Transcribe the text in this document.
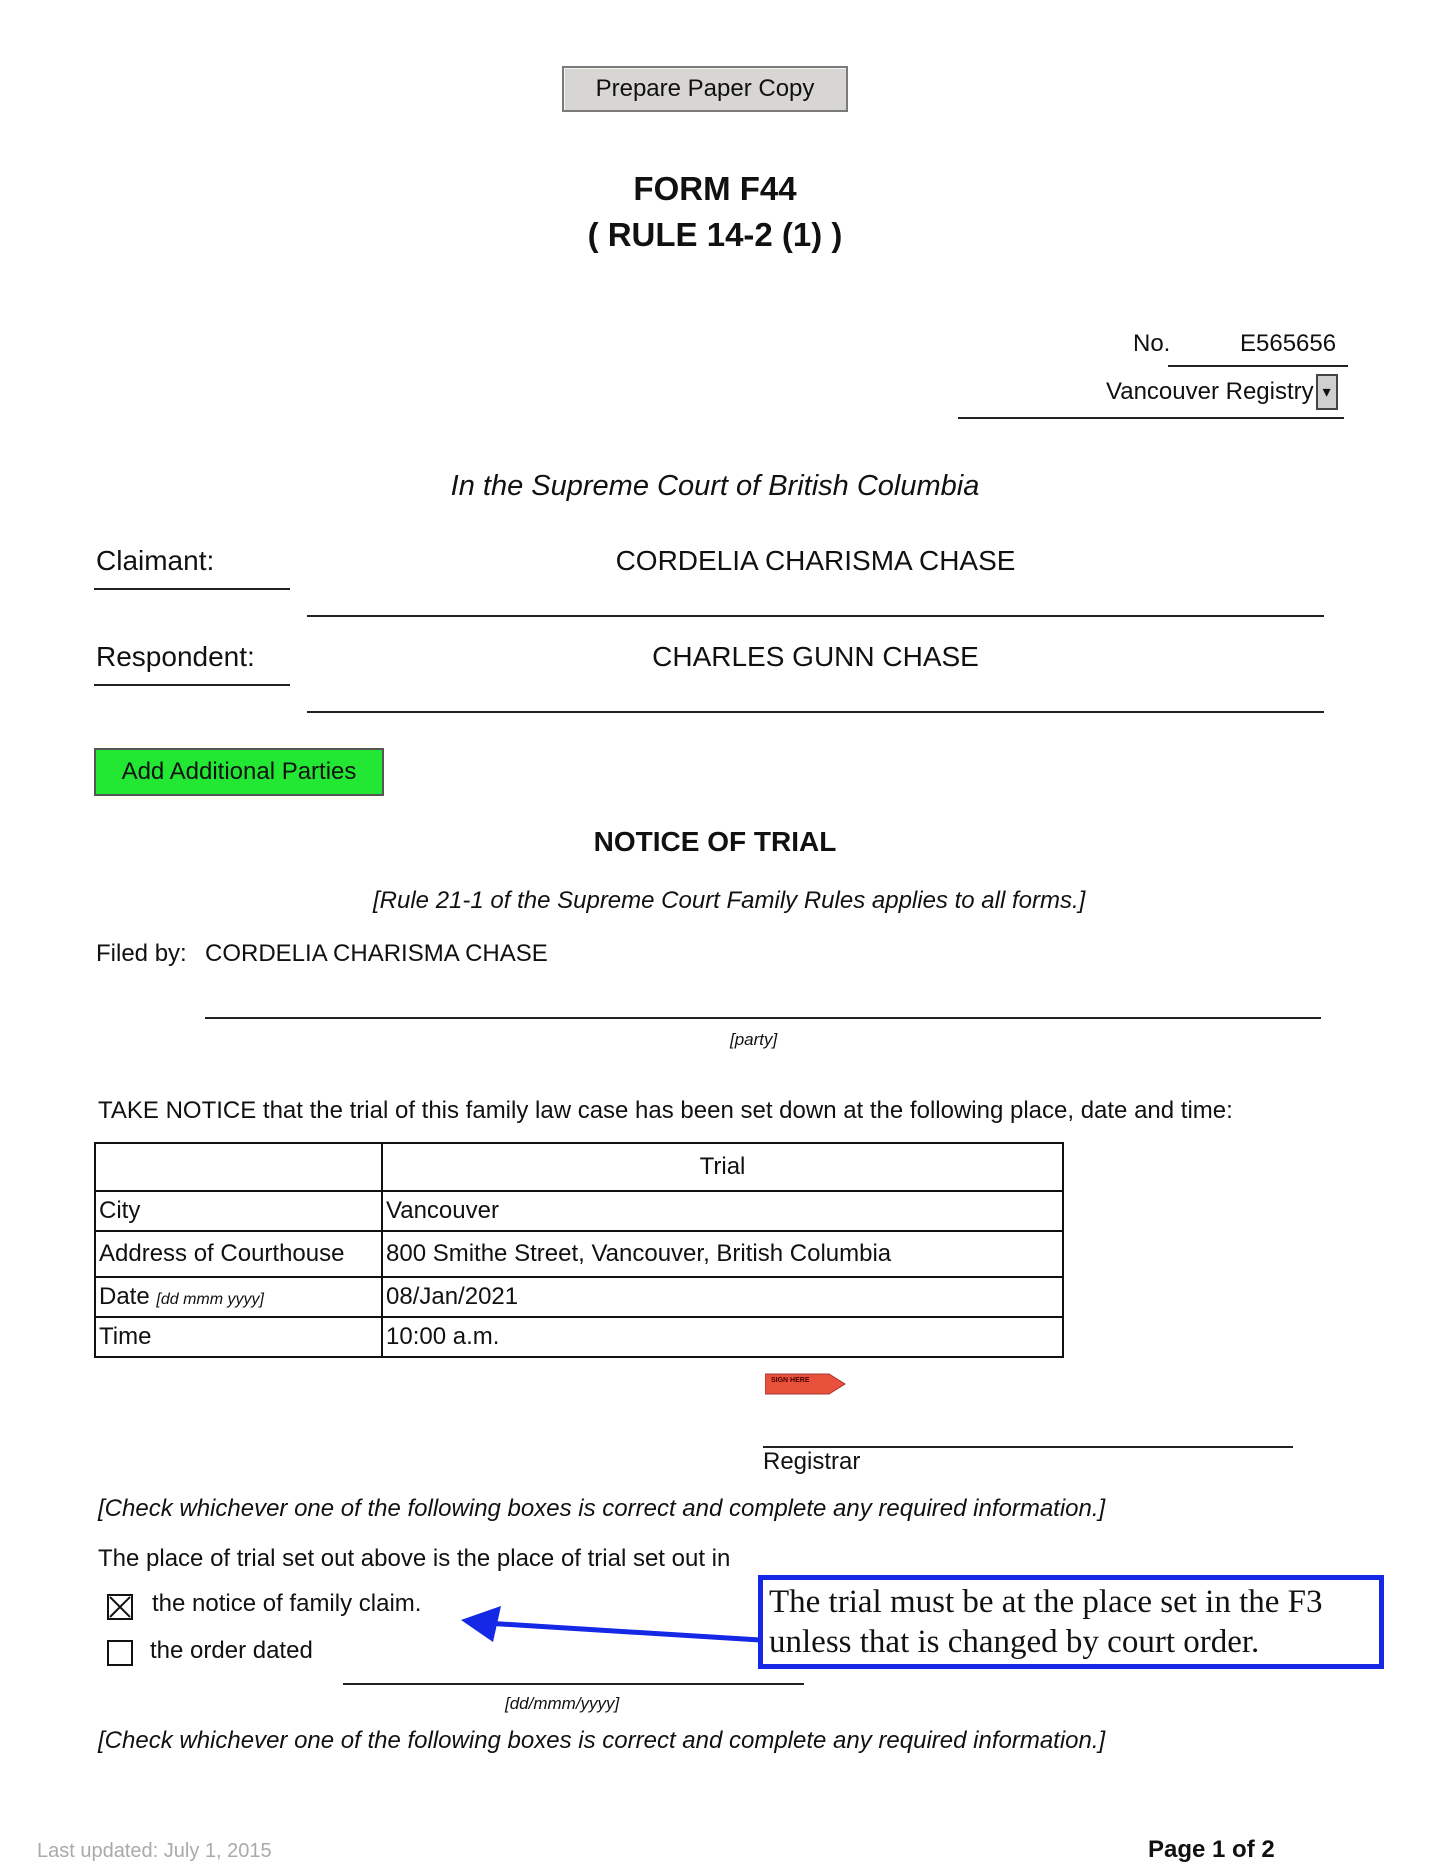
Prepare Paper Copy
FORM F44
( RULE 14-2 (1) )
No.	E565656
Vancouver Registry ▾
In the Supreme Court of British Columbia
Claimant:	CORDELIA CHARISMA CHASE
Respondent:	CHARLES GUNN CHASE
Add Additional Parties
NOTICE OF TRIAL
[Rule 21-1 of the Supreme Court Family Rules applies to all forms.]
Filed by: CORDELIA CHARISMA CHASE
[party]
TAKE NOTICE that the trial of this family law case has been set down at the following place, date and time:
	Trial
City	Vancouver
Address of Courthouse	800 Smithe Street, Vancouver, British Columbia
Date [dd mmm yyyy]	08/Jan/2021
Time	10:00 a.m.
SIGN HERE
Registrar
[Check whichever one of the following boxes is correct and complete any required information.]
The place of trial set out above is the place of trial set out in
the notice of family claim.
the order dated
[dd/mmm/yyyy]
The trial must be at the place set in the F3 unless that is changed by court order.
[Check whichever one of the following boxes is correct and complete any required information.]
Last updated: July 1, 2015	Page 1 of 2
